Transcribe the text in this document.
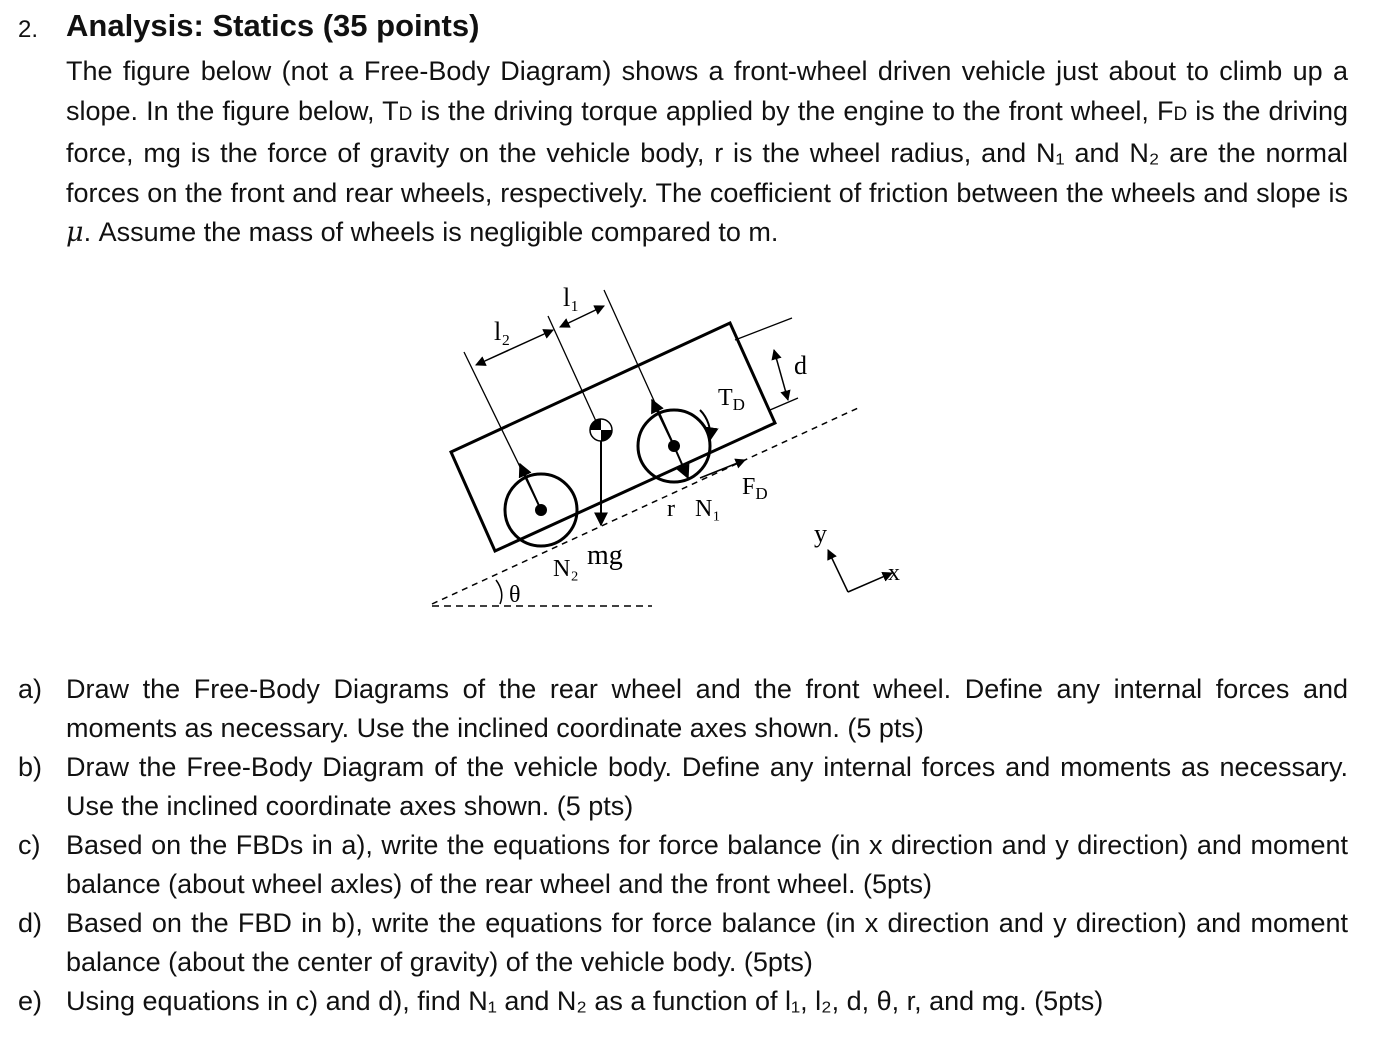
2. Analysis: Statics (35 points)

The figure below (not a Free-Body Diagram) shows a front-wheel driven vehicle just about to climb up a slope. In the figure below, TD is the driving torque applied by the engine to the front wheel, FD is the driving force, mg is the force of gravity on the vehicle body, r is the wheel radius, and N₁ and N₂ are the normal forces on the front and rear wheels, respectively. The coefficient of friction between the wheels and slope is μ. Assume the mass of wheels is negligible compared to m.

l₁
l₂
d
$T_D$
$F_D$
r N₁
N₂ mg
θ
y
x
a) Draw the Free-Body Diagrams of the rear wheel and the front wheel. Define any internal forces and moments as necessary. Use the inclined coordinate axes shown. (5 pts)
b) Draw the Free-Body Diagram of the vehicle body. Define any internal forces and moments as necessary. Use the inclined coordinate axes shown. (5 pts)
c) Based on the FBDs in a), write the equations for force balance (in x direction and y direction) and moment balance (about wheel axles) of the rear wheel and the front wheel. (5pts)
d) Based on the FBD in b), write the equations for force balance (in x direction and y direction) and moment balance (about the center of gravity) of the vehicle body. (5pts)
e) Using equations in c) and d), find N₁ and N₂ as a function of l₁, l₂, d, θ, r, and mg. (5pts)
